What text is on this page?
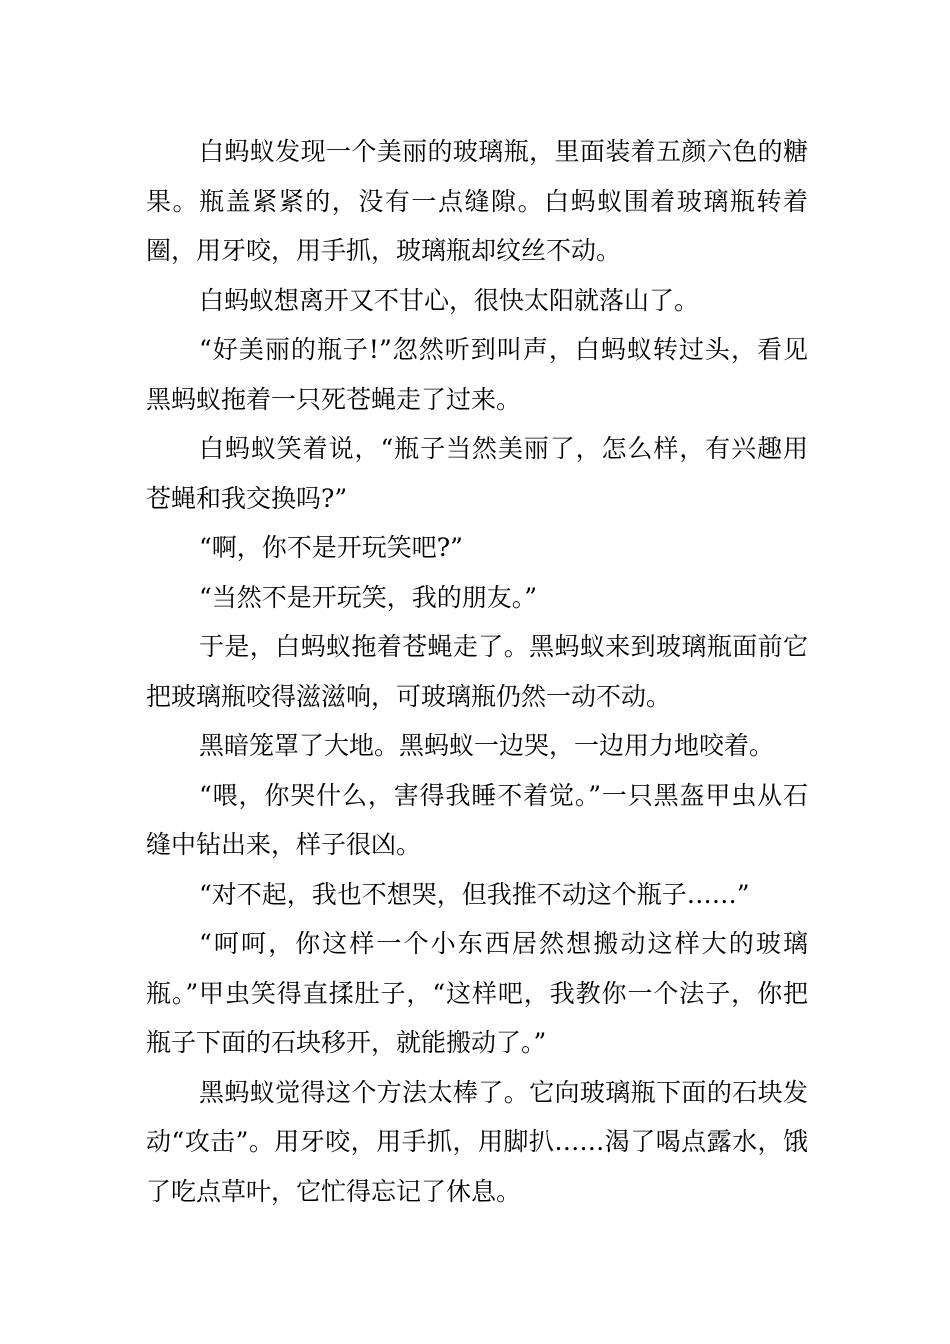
白蚂蚁发现一个美丽的玻璃瓶，里面装着五颜六色的糖果。瓶盖紧紧的，没有一点缝隙。白蚂蚁围着玻璃瓶转着圈，用牙咬，用手抓，玻璃瓶却纹丝不动。

白蚂蚁想离开又不甘心，很快太阳就落山了。

“好美丽的瓶子!”忽然听到叫声，白蚂蚁转过头，看见黑蚂蚁拖着一只死苍蝇走了过来。

白蚂蚁笑着说，“瓶子当然美丽了，怎么样，有兴趣用苍蝇和我交换吗?”

“啊，你不是开玩笑吧?”

“当然不是开玩笑，我的朋友。”

于是，白蚂蚁拖着苍蝇走了。黑蚂蚁来到玻璃瓶面前它把玻璃瓶咬得滋滋响，可玻璃瓶仍然一动不动。

黑暗笼罩了大地。黑蚂蚁一边哭，一边用力地咬着。

“喂，你哭什么，害得我睡不着觉。”一只黑盔甲虫从石缝中钻出来，样子很凶。

“对不起，我也不想哭，但我推不动这个瓶子……”

“呵呵，你这样一个小东西居然想搬动这样大的玻璃瓶。”甲虫笑得直揉肚子，“这样吧，我教你一个法子，你把瓶子下面的石块移开，就能搬动了。”

黑蚂蚁觉得这个方法太棒了。它向玻璃瓶下面的石块发动“攻击”。用牙咬，用手抓，用脚扒……渴了喝点露水，饿了吃点草叶，它忙得忘记了休息。
